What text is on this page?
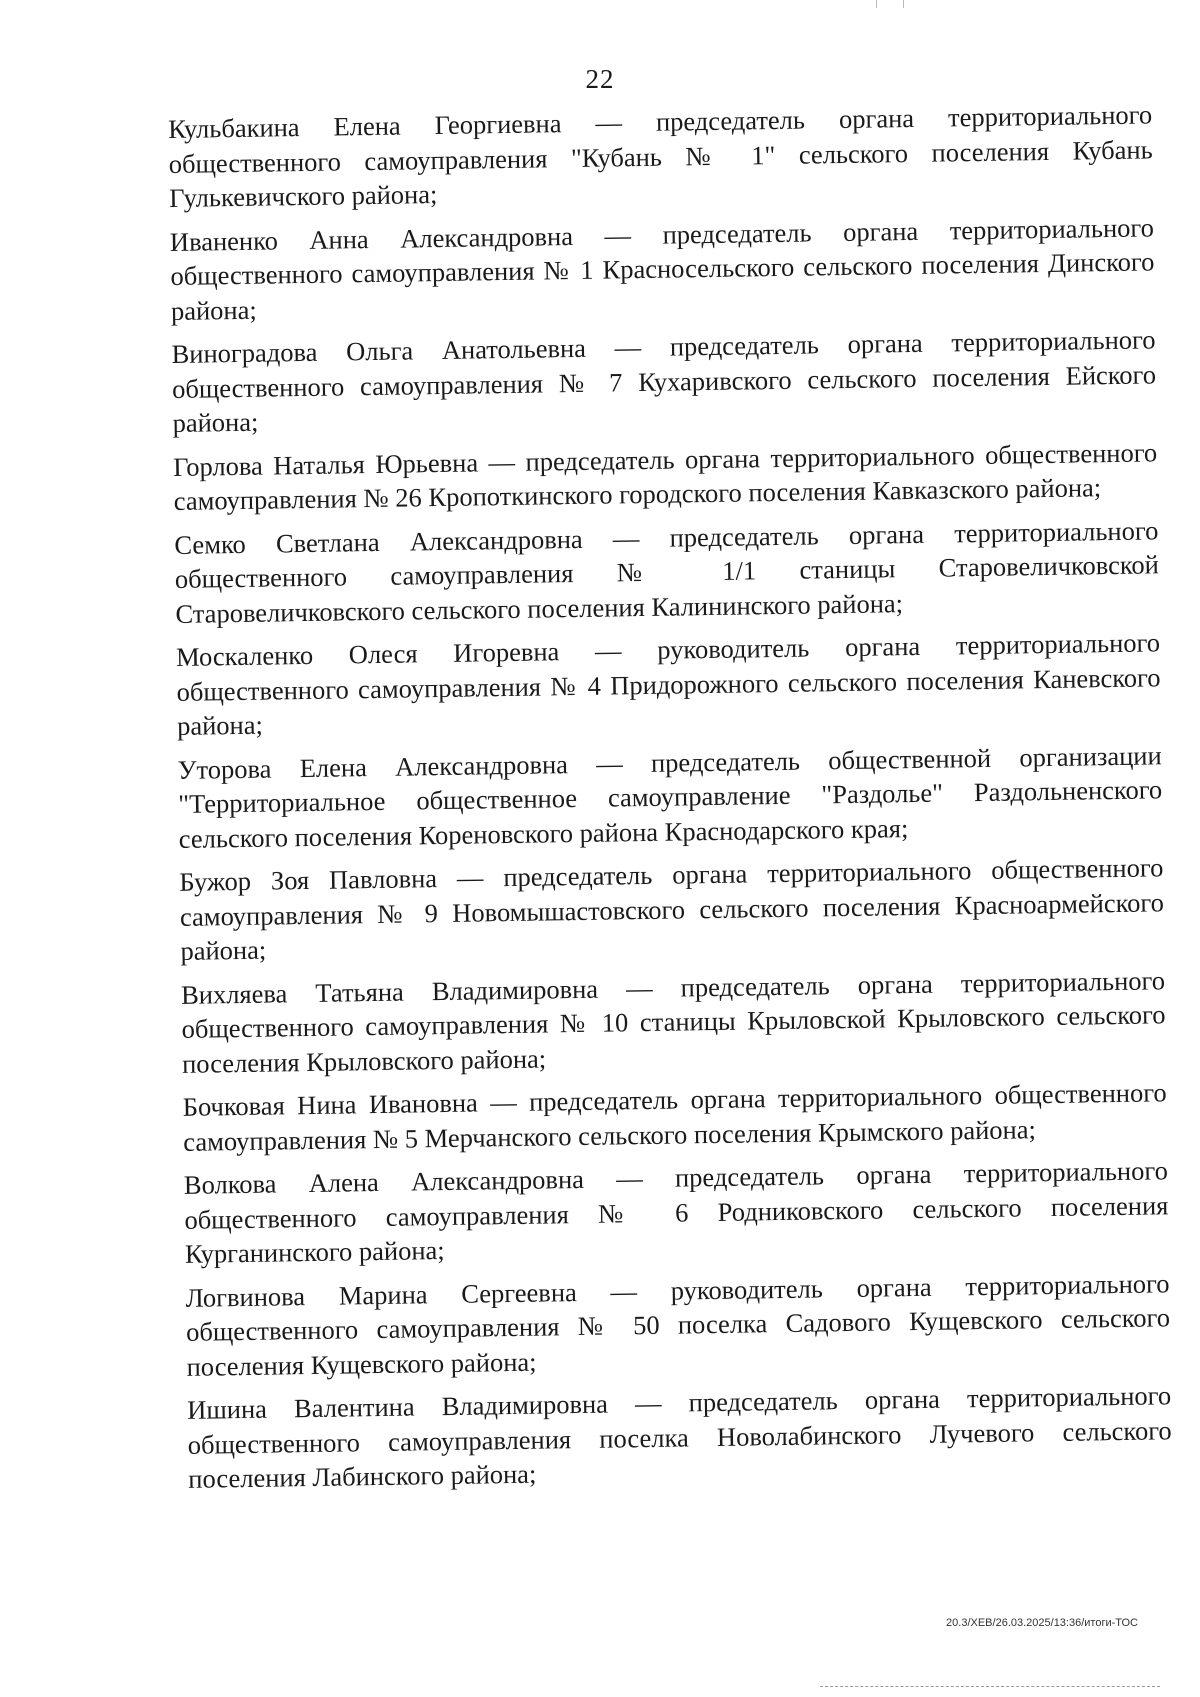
22

Кульбакина Елена Георгиевна — председатель органа территориального общественного самоуправления "Кубань № 1" сельского поселения Кубань Гулькевичского района;

Иваненко Анна Александровна — председатель органа территориального общественного самоуправления № 1 Красносельского сельского поселения Динского района;

Виноградова Ольга Анатольевна — председатель органа территориального общественного самоуправления № 7 Кухаривского сельского поселения Ейского района;

Горлова Наталья Юрьевна — председатель органа территориального общественного самоуправления № 26 Кропоткинского городского поселения Кавказского района;

Семко Светлана Александровна — председатель органа территориального общественного самоуправления № 1/1 станицы Старовеличковской Старовеличковского сельского поселения Калининского района;

Москаленко Олеся Игоревна — руководитель органа территориального общественного самоуправления № 4 Придорожного сельского поселения Каневского района;

Уторова Елена Александровна — председатель общественной организации "Территориальное общественное самоуправление "Раздолье" Раздольненского сельского поселения Кореновского района Краснодарского края;

Бужор Зоя Павловна — председатель органа территориального общественного самоуправления № 9 Новомышастовского сельского поселения Красноармейского района;

Вихляева Татьяна Владимировна — председатель органа территориального общественного самоуправления № 10 станицы Крыловской Крыловского сельского поселения Крыловского района;

Бочковая Нина Ивановна — председатель органа территориального общественного самоуправления № 5 Мерчанского сельского поселения Крымского района;

Волкова Алена Александровна — председатель органа территориального общественного самоуправления № 6 Родниковского сельского поселения Курганинского района;

Логвинова Марина Сергеевна — руководитель органа территориального общественного самоуправления № 50 поселка Садового Кущевского сельского поселения Кущевского района;

Ишина Валентина Владимировна — председатель органа территориального общественного самоуправления поселка Новолабинского Лучевого сельского поселения Лабинского района;

20.3/ХЕВ/26.03.2025/13:36/итоги-ТОС
